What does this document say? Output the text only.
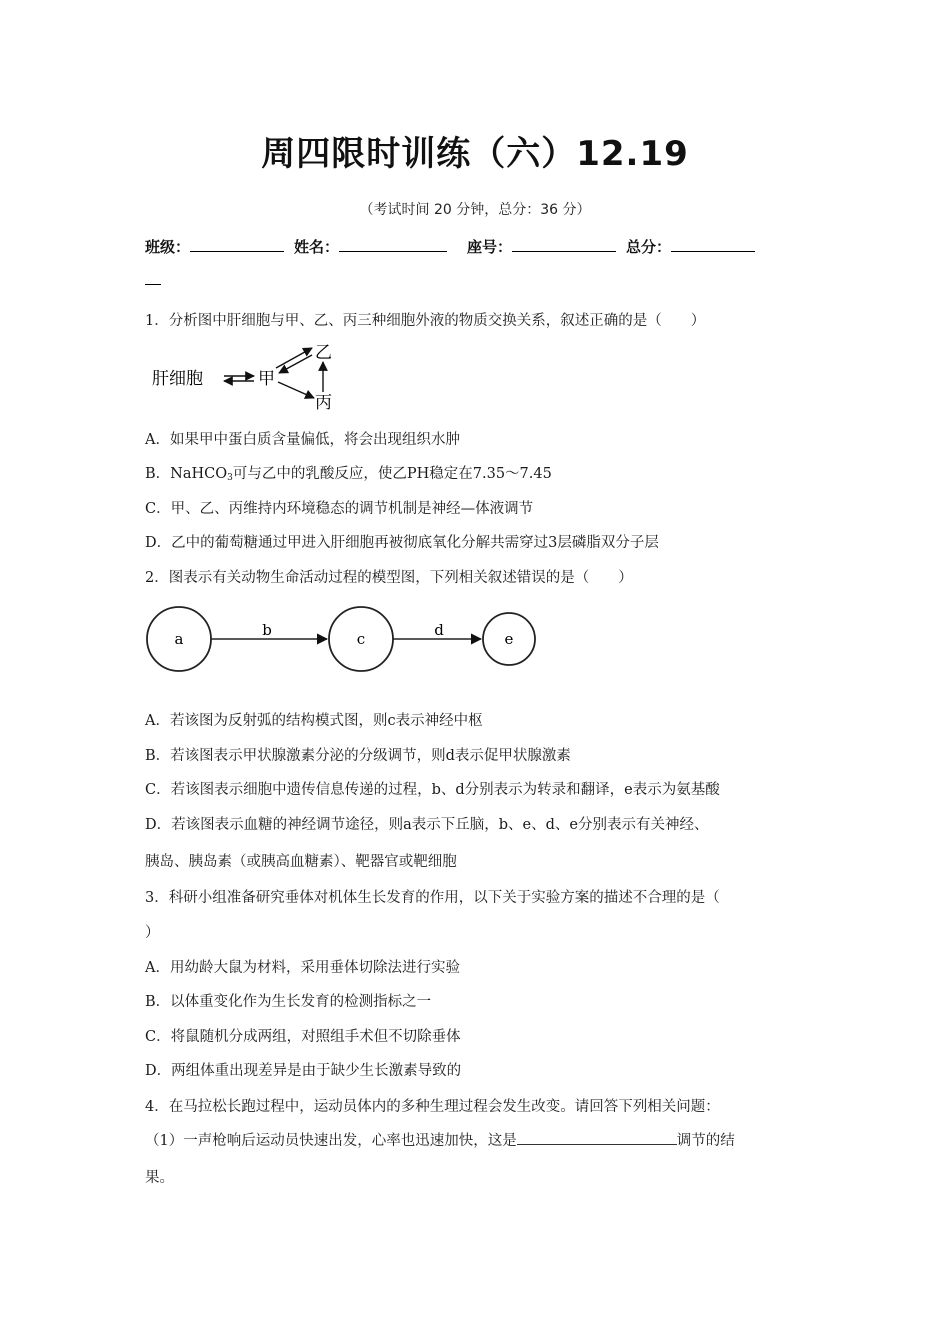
周四限时训练（六）12.19
（考试时间 20 分钟，总分：36 分）
班级：	姓名：	座号：	总分：
1．分析图中肝细胞与甲、乙、丙三种细胞外液的物质交换关系，叙述正确的是（　　）
肝细胞	甲
乙
丙
A．如果甲中蛋白质含量偏低，将会出现组织水肿
B．NaHCO$_3$可与乙中的乳酸反应，使乙PH稳定在7.35～7.45
C．甲、乙、丙维持内环境稳态的调节机制是神经—体液调节
D．乙中的葡萄糖通过甲进入肝细胞再被彻底氧化分解共需穿过3层磷脂双分子层
2．图表示有关动物生命活动过程的模型图，下列相关叙述错误的是（　　）
a	b	c	d	e
A．若该图为反射弧的结构模式图，则c表示神经中枢
B．若该图表示甲状腺激素分泌的分级调节，则d表示促甲状腺激素
C．若该图表示细胞中遗传信息传递的过程，b、d分别表示为转录和翻译，e表示为氨基酸
D．若该图表示血糖的神经调节途径，则a表示下丘脑，b、e、d、e分别表示有关神经、
胰岛、胰岛素（或胰高血糖素）、靶器官或靶细胞
3．科研小组准备研究垂体对机体生长发育的作用，以下关于实验方案的描述不合理的是（
）
A．用幼龄大鼠为材料，采用垂体切除法进行实验
B．以体重变化作为生长发育的检测指标之一
C．将鼠随机分成两组，对照组手术但不切除垂体
D．两组体重出现差异是由于缺少生长激素导致的
4．在马拉松长跑过程中，运动员体内的多种生理过程会发生改变。请回答下列相关问题：
（1）一声枪响后运动员快速出发，心率也迅速加快，这是	调节的结
果。
